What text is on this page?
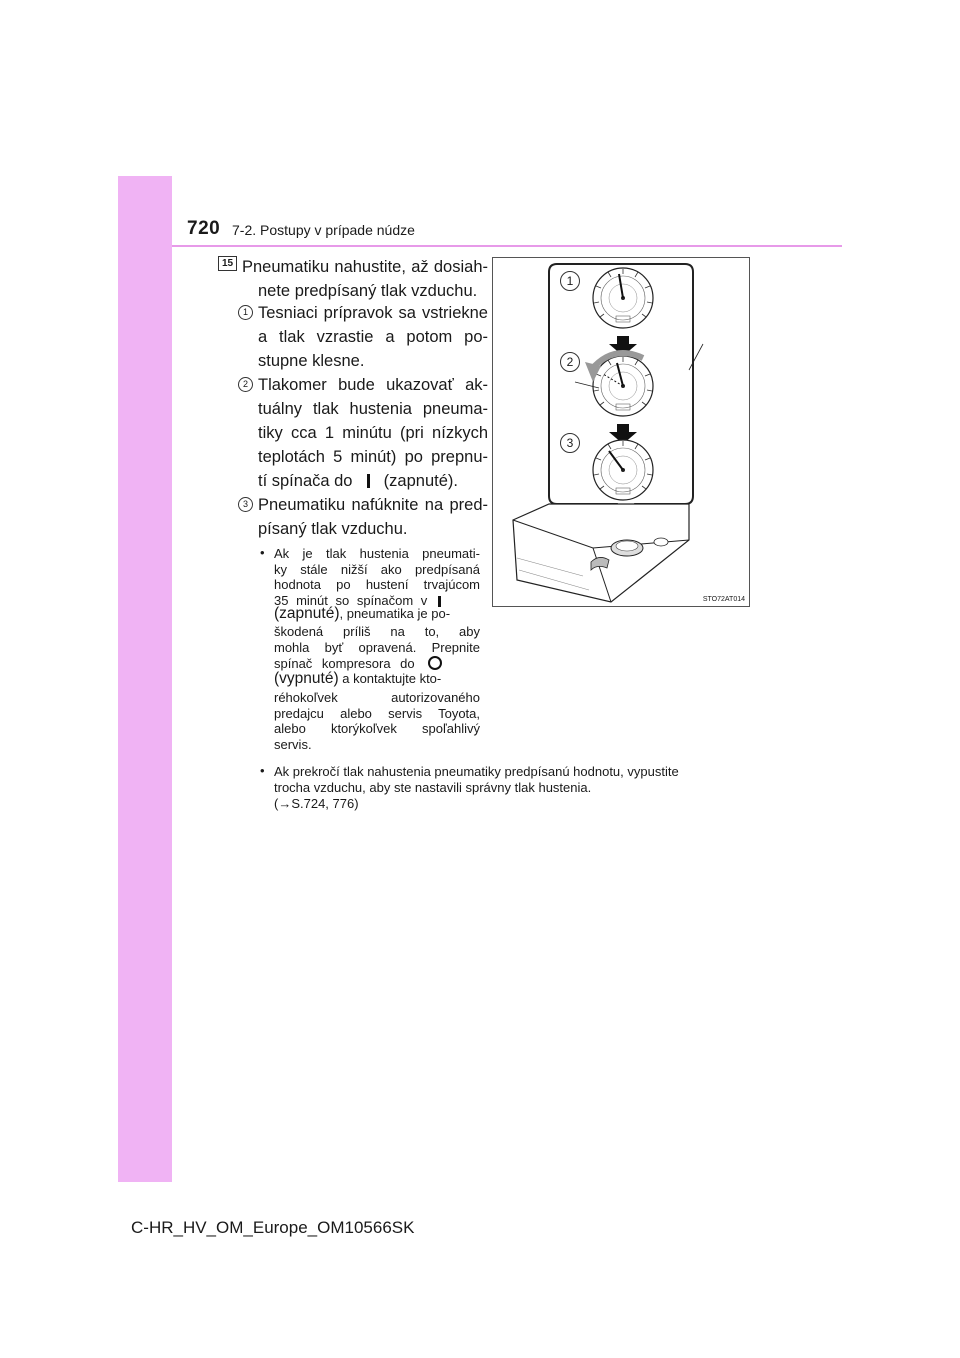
720 7-2. Postupy v prípade núdze
15 Pneumatiku nahustite, až dosiah-
nete predpísaný tlak vzduchu.
1 Tesniaci prípravok sa vstriekne
a tlak vzrastie a potom po-
stupne klesne.
2 Tlakomer bude ukazovať ak-
tuálny tlak hustenia pneuma-
tiky cca 1 minútu (pri nízkych
teplotách 5 minút) po prepnu-
tí spínača do (zapnuté).
3 Pneumatiku nafúknite na pred-
písaný tlak vzduchu.
• Ak je tlak hustenia pneumati-
ky stále nižší ako predpísaná
hodnota po hustení trvajúcom
35 minút so spínačom v
(zapnuté), pneumatika je po-
škodená príliš na to, aby
mohla byť opravená. Prepnite
spínač kompresora do
(vypnuté) a kontaktujte kto-
réhokoľvek autorizovaného
predajcu alebo servis Toyota,
alebo ktorýkoľvek spoľahlivý
servis.
• Ak prekročí tlak nahustenia pneumatiky predpísanú hodnotu, vypustite
trocha vzduchu, aby ste nastavili správny tlak hustenia.
(→S.724, 776)
1
2
3
STO72AT014
C-HR_HV_OM_Europe_OM10566SK
